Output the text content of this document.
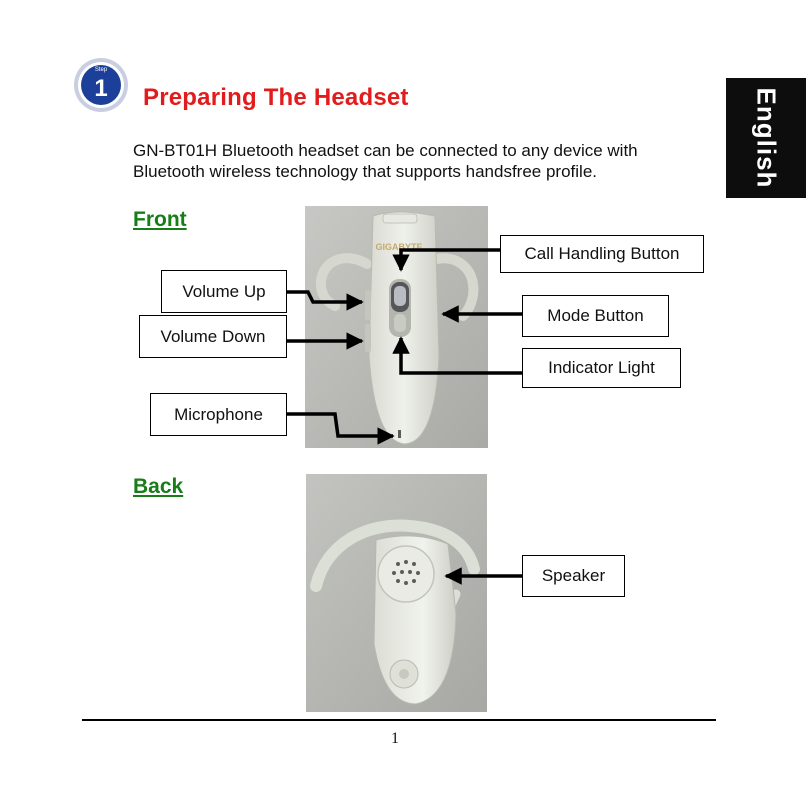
Step
1 Preparing The Headset	English

GN-BT01H Bluetooth headset can be connected to any device with Bluetooth wireless technology that supports handsfree profile.

Front
GIGABYTE
Volume Up
Volume Down
Microphone
Call Handling Button
Mode Button
Indicator Light
Back
Speaker
1
